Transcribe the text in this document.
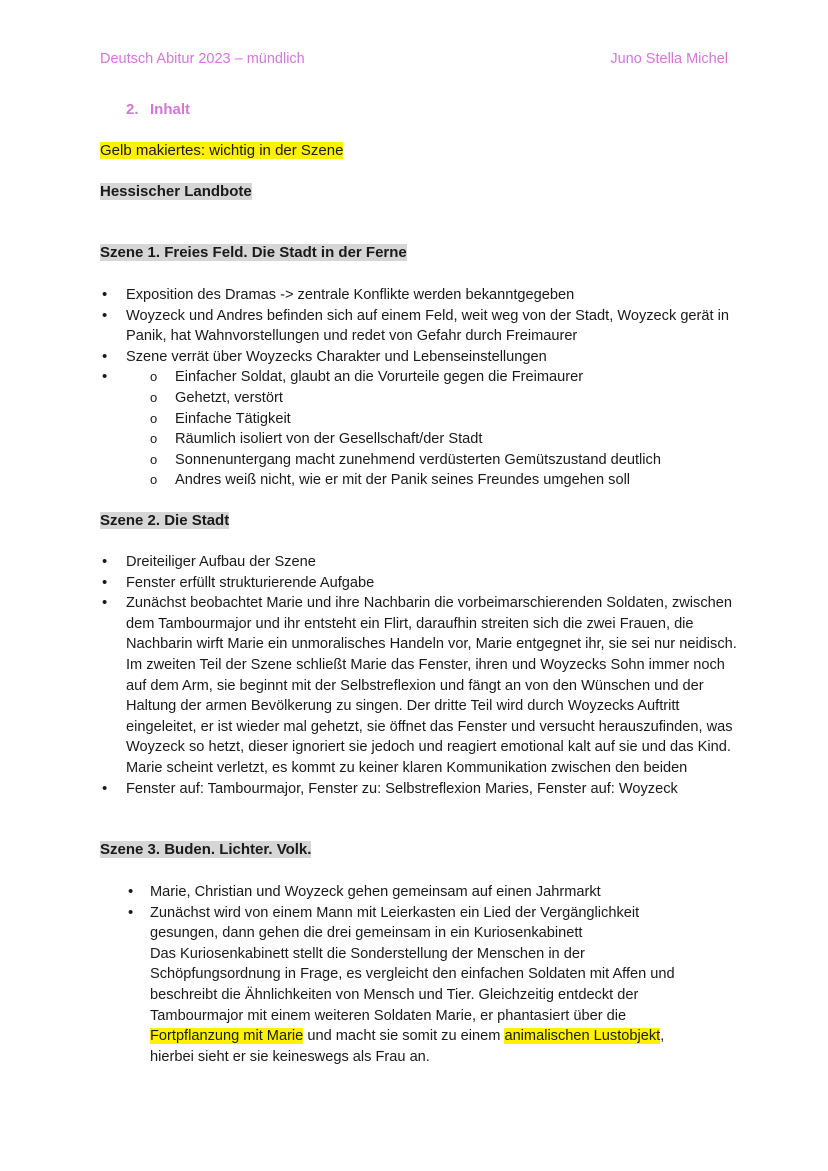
Deutsch Abitur 2023 – mündlich	Juno Stella Michel
2. Inhalt
Gelb makiertes: wichtig in der Szene
Hessischer Landbote
Szene 1. Freies Feld. Die Stadt in der Ferne
• Exposition des Dramas -> zentrale Konflikte werden bekanntgegeben
• Woyzeck und Andres befinden sich auf einem Feld, weit weg von der Stadt, Woyzeck gerät in Panik, hat Wahnvorstellungen und redet von Gefahr durch Freimaurer
• Szene verrät über Woyzecks Charakter und Lebenseinstellungen
o • Einfacher Soldat, glaubt an die Vorurteile gegen die Freimaurer
o Gehetzt, verstört
o Einfache Tätigkeit
o Räumlich isoliert von der Gesellschaft/der Stadt
o Sonnenuntergang macht zunehmend verdüsterten Gemütszustand deutlich
o Andres weiß nicht, wie er mit der Panik seines Freundes umgehen soll
Szene 2. Die Stadt
• Dreiteiliger Aufbau der Szene
• Fenster erfüllt strukturierende Aufgabe
• Zunächst beobachtet Marie und ihre Nachbarin die vorbeimarschierenden Soldaten, zwischen dem Tambourmajor und ihr entsteht ein Flirt, daraufhin streiten sich die zwei Frauen, die Nachbarin wirft Marie ein unmoralisches Handeln vor, Marie entgegnet ihr, sie sei nur neidisch. Im zweiten Teil der Szene schließt Marie das Fenster, ihren und Woyzecks Sohn immer noch auf dem Arm, sie beginnt mit der Selbstreflexion und fängt an von den Wünschen und der Haltung der armen Bevölkerung zu singen. Der dritte Teil wird durch Woyzecks Auftritt eingeleitet, er ist wieder mal gehetzt, sie öffnet das Fenster und versucht herauszufinden, was Woyzeck so hetzt, dieser ignoriert sie jedoch und reagiert emotional kalt auf sie und das Kind. Marie scheint verletzt, es kommt zu keiner klaren Kommunikation zwischen den beiden
• Fenster auf: Tambourmajor, Fenster zu: Selbstreflexion Maries, Fenster auf: Woyzeck
Szene 3. Buden. Lichter. Volk.
• Marie, Christian und Woyzeck gehen gemeinsam auf einen Jahrmarkt
• Zunächst wird von einem Mann mit Leierkasten ein Lied der Vergänglichkeit gesungen, dann gehen die drei gemeinsam in ein Kuriosenkabinett
Das Kuriosenkabinett stellt die Sonderstellung der Menschen in der Schöpfungsordnung in Frage, es vergleicht den einfachen Soldaten mit Affen und beschreibt die Ähnlichkeiten von Mensch und Tier. Gleichzeitig entdeckt der Tambourmajor mit einem weiteren Soldaten Marie, er phantasiert über die Fortpflanzung mit Marie und macht sie somit zu einem animalischen Lustobjekt,
hierbei sieht er sie keineswegs als Frau an.
